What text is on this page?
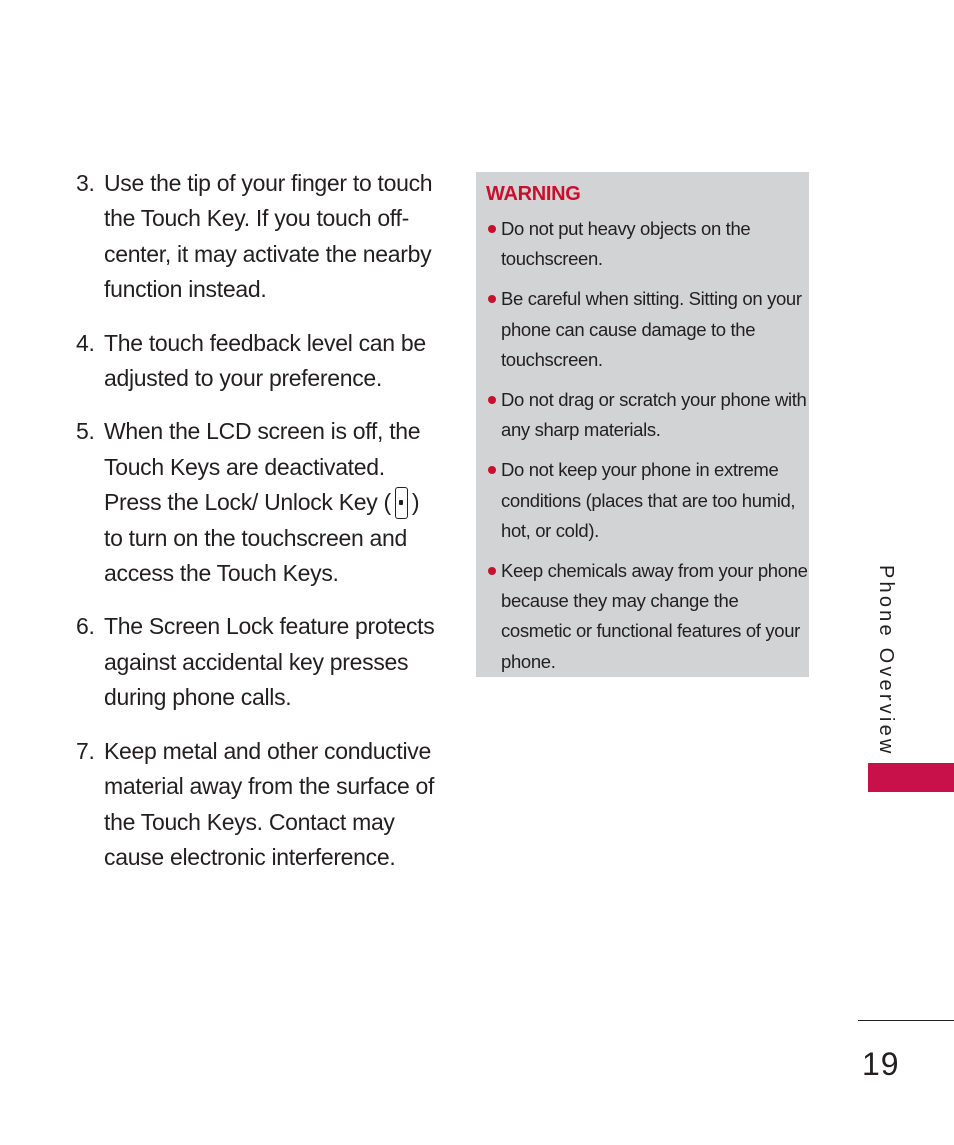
3. Use the tip of your finger to touch the Touch Key. If you touch off-center, it may activate the nearby function instead.
4. The touch feedback level can be adjusted to your preference.
5. When the LCD screen is off, the Touch Keys are deactivated. Press the Lock/ Unlock Key ( ) to turn on the touchscreen and access the Touch Keys.
6. The Screen Lock feature protects against accidental key presses during phone calls.
7. Keep metal and other conductive material away from the surface of the Touch Keys. Contact may cause electronic interference.
WARNING
Do not put heavy objects on the touchscreen.
Be careful when sitting. Sitting on your phone can cause damage to the touchscreen.
Do not drag or scratch your phone with any sharp materials.
Do not keep your phone in extreme conditions (places that are too humid, hot, or cold).
Keep chemicals away from your phone because they may change the cosmetic or functional features of your phone.	Phone Overview
19
